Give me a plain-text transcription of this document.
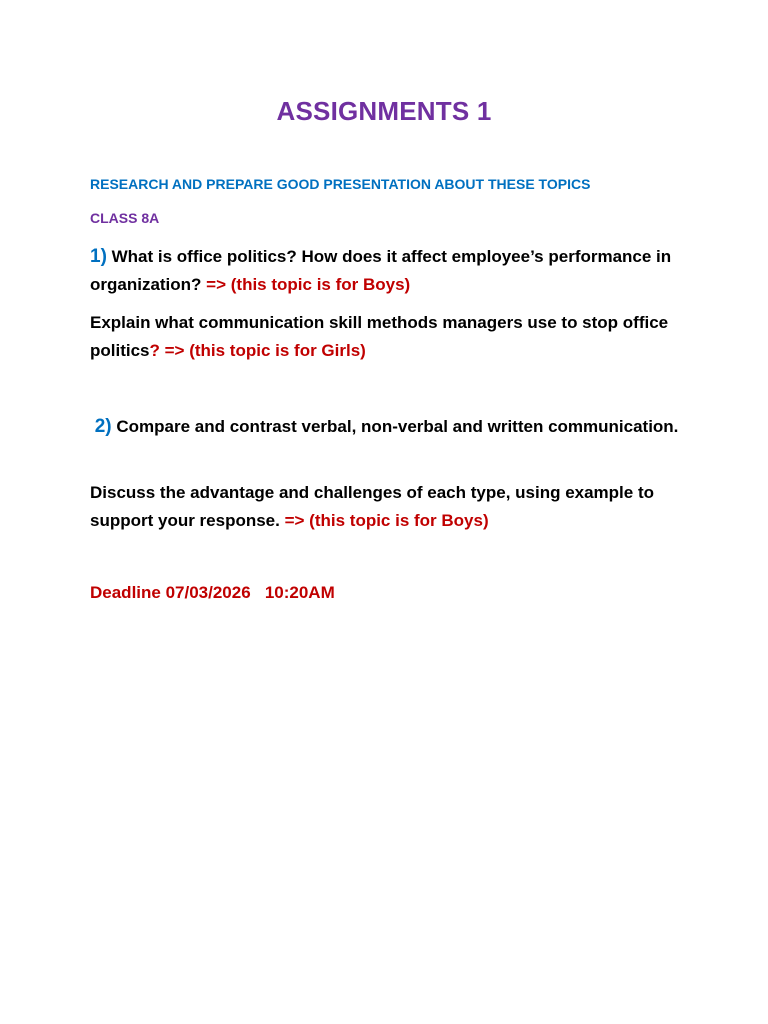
ASSIGNMENTS 1
RESEARCH AND PREPARE GOOD PRESENTATION ABOUT THESE TOPICS
CLASS 8A
1) What is office politics? How does it affect employee’s performance in organization? => (this topic is for Boys)
Explain what communication skill methods managers use to stop office politics? => (this topic is for Girls)
2) Compare and contrast verbal, non-verbal and written communication.
Discuss the advantage and challenges of each type, using example to support your response. => (this topic is for Boys)
Deadline 07/03/2026   10:20AM
